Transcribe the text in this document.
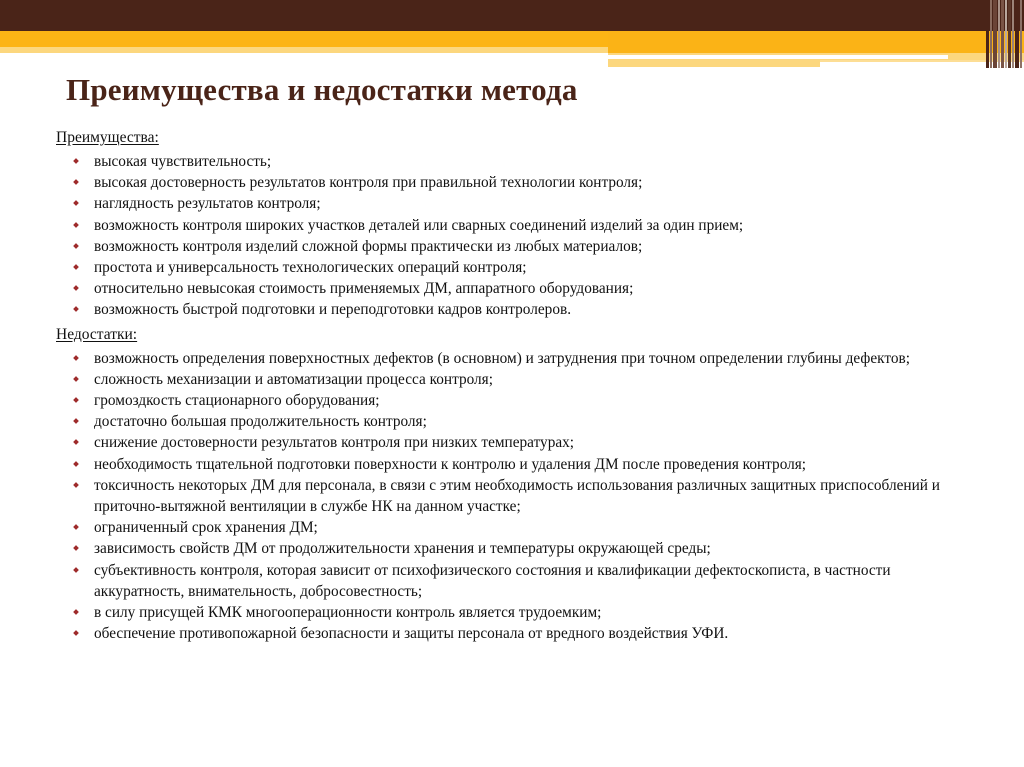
Преимущества и недостатки метода
Преимущества:
высокая чувствительность;
высокая достоверность результатов контроля при правильной технологии контроля;
наглядность результатов контроля;
возможность контроля широких участков деталей или сварных соединений изделий за один прием;
возможность контроля изделий сложной формы практически из любых материалов;
простота и универсальность технологических операций контроля;
относительно невысокая стоимость применяемых ДМ, аппаратного оборудования;
возможность быстрой подготовки и переподготовки кадров контролеров.
Недостатки:
возможность определения поверхностных дефектов (в основном) и затруднения при точном определении глубины дефектов;
сложность механизации и автоматизации процесса контроля;
громоздкость стационарного оборудования;
достаточно большая продолжительность контроля;
снижение достоверности результатов контроля при низких температурах;
необходимость тщательной подготовки поверхности к контролю и удаления ДМ после проведения контроля;
токсичность некоторых ДМ для персонала, в связи с этим необходимость использования различных защитных приспособлений и приточно-вытяжной вентиляции в службе НК на данном участке;
ограниченный срок хранения ДМ;
зависимость свойств ДМ от продолжительности хранения и температуры окружающей среды;
субъективность контроля, которая зависит от психофизического состояния и квалификации дефектоскописта, в частности аккуратность, внимательность, добросовестность;
в силу присущей КМК многооперационности контроль является трудоемким;
обеспечение противопожарной безопасности и защиты персонала от вредного воздействия УФИ.
